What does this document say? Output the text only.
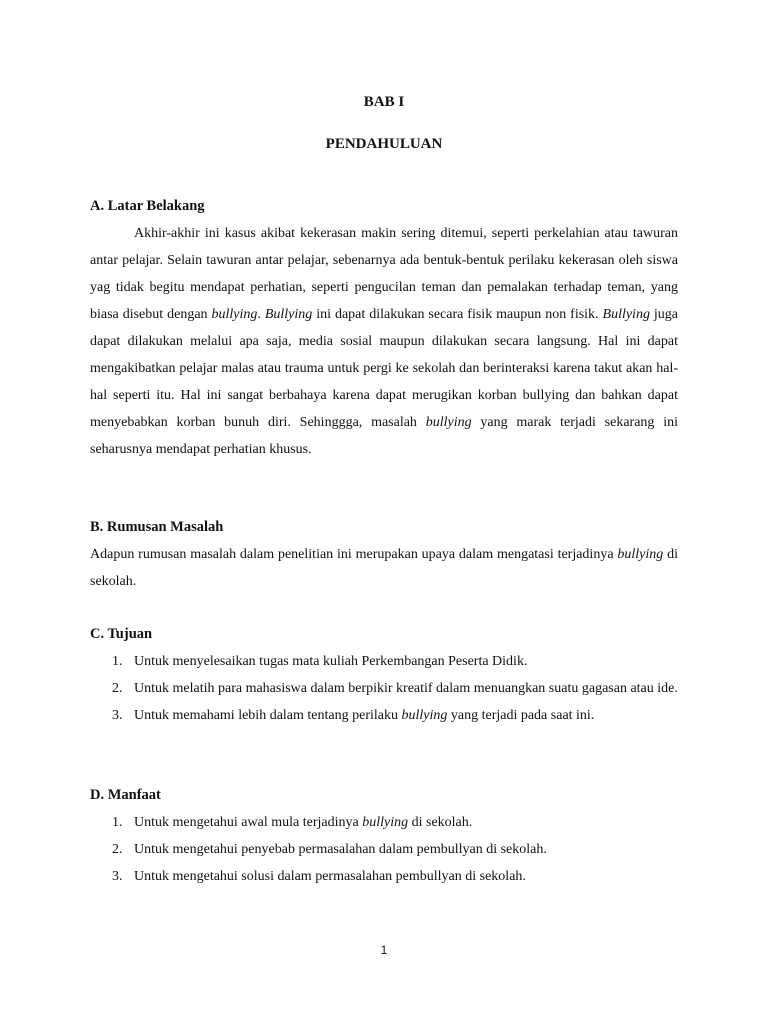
BAB I
PENDAHULUAN
A. Latar Belakang

Akhir-akhir ini kasus akibat kekerasan makin sering ditemui, seperti perkelahian atau tawuran antar pelajar. Selain tawuran antar pelajar, sebenarnya ada bentuk-bentuk perilaku kekerasan oleh siswa yag tidak begitu mendapat perhatian, seperti pengucilan teman dan pemalakan terhadap teman, yang biasa disebut dengan bullying. Bullying ini dapat dilakukan secara fisik maupun non fisik. Bullying juga dapat dilakukan melalui apa saja, media sosial maupun dilakukan secara langsung. Hal ini dapat mengakibatkan pelajar malas atau trauma untuk pergi ke sekolah dan berinteraksi karena takut akan hal-hal seperti itu. Hal ini sangat berbahaya karena dapat merugikan korban bullying dan bahkan dapat menyebabkan korban bunuh diri. Sehinggga, masalah bullying yang marak terjadi sekarang ini seharusnya mendapat perhatian khusus.

B. Rumusan Masalah

Adapun rumusan masalah dalam penelitian ini merupakan upaya dalam mengatasi terjadinya bullying di sekolah.

C. Tujuan
1. Untuk menyelesaikan tugas mata kuliah Perkembangan Peserta Didik.
2. Untuk melatih para mahasiswa dalam berpikir kreatif dalam menuangkan suatu gagasan atau ide.
3. Untuk memahami lebih dalam tentang perilaku bullying yang terjadi pada saat ini.
D. Manfaat
1. Untuk mengetahui awal mula terjadinya bullying di sekolah.
2. Untuk mengetahui penyebab permasalahan dalam pembullyan di sekolah.
3. Untuk mengetahui solusi dalam permasalahan pembullyan di sekolah.
1
